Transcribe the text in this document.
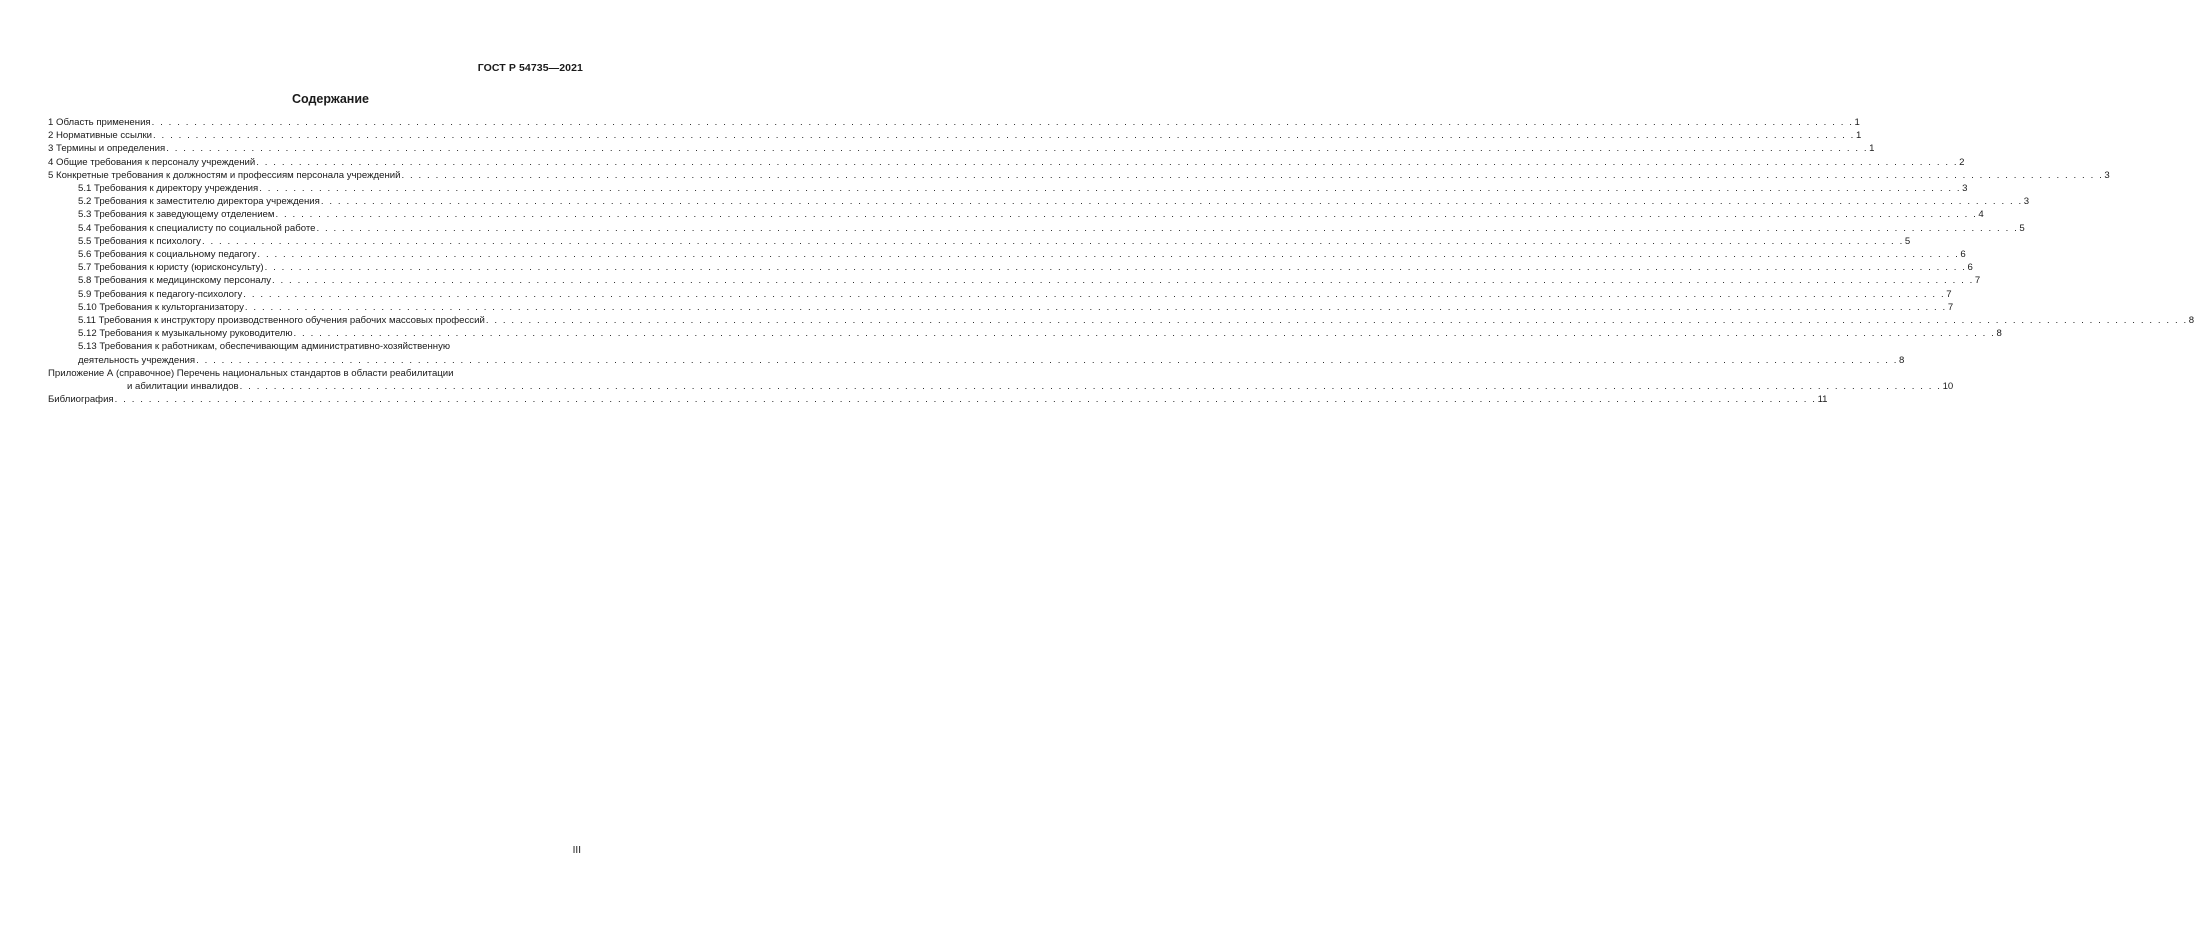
ГОСТ Р 54735—2021
Содержание
1 Область применения . . . . . . . . . . . . . . . . . . . . . . . . . . . . . . . . . . . . . . . . . . . . . . . . . . . . . . . . . . . . . . . . . . . . . . . . . . . . . . . . . . . . . . . . . . . . . . . . . . . . . . . . . . . . . . . . . . . . . . . . . . . . . . . . . . . . . . . . . . . . . . . . . . . . . . . . . . . . . . . . . . . . . . . . . . . . . . . . . . . . . . . . . . . . . . . . . . . . . . . . 1
2 Нормативные ссылки . . . . . . . . . . . . . . . . . . . . . . . . . . . . . . . . . . . . . . . . . . . . . . . . . . . . . . . . . . . . . . . . . . . . . . . . . . . . . . . . . . . . . . . . . . . . . . . . . . . . . . . . . . . . . . . . . . . . . . . . . . . . . . . . . . . . . . . . . . . . . . . . . . . . . . . . . . . . . . . . . . . . . . . . . . . . . . . . . . . . . . . . . . . . . . . . . . . . . . . . 1
3 Термины и определения . . . . . . . . . . . . . . . . . . . . . . . . . . . . . . . . . . . . . . . . . . . . . . . . . . . . . . . . . . . . . . . . . . . . . . . . . . . . . . . . . . . . . . . . . . . . . . . . . . . . . . . . . . . . . . . . . . . . . . . . . . . . . . . . . . . . . . . . . . . . . . . . . . . . . . . . . . . . . . . . . . . . . . . . . . . . . . . . . . . . . . . . . . . . . . . . . . . . . . . . 1
4 Общие требования к персоналу учреждений . . . . . . . . . . . . . . . . . . . . . . . . . . . . . . . . . . . . . . . . . . . . . . . . . . . . . . . . . . . . . . . . . . . . . . . . . . . . . . . . . . . . . . . . . . . . . . . . . . . . . . . . . . . . . . . . . . . . . . . . . . . . . . . . . . . . . . . . . . . . . . . . . . . . . . . . . . . . . . . . . . . . . . . . . . . . . . . . . . . . . . . . . . . . . . . . . . . . . . . . 2
5 Конкретные требования к должностям и профессиям персонала учреждений . . . . . . . . . . . . . . . . . . . . . . . . . . . . . . . . . . . . . . . . . . . . . . . . . . . . . . . . . . . . . . . . . . . . . . . . . . . . . . . . . . . . . . . . . . . . . . . . . . . . . . . . . . . . . . . . . . . . . . . . . . . . . . . . . . . . . . . . . . . . . . . . . . . . . . . . . . . . . . . . . . . . . . . . . . . . . . . . . . . . . . . . . . . . . . . . . . . . . . . . 3
5.1 Требования к директору учреждения . . . . . . . . . . . . . . . . . . . . . . . . . . . . . . . . . . . . . . . . . . . . . . . . . . . . . . . . . . . . . . . . . . . . . . . . . . . . . . . . . . . . . . . . . . . . . . . . . . . . . . . . . . . . . . . . . . . . . . . . . . . . . . . . . . . . . . . . . . . . . . . . . . . . . . . . . . . . . . . . . . . . . . . . . . . . . . . . . . . . . . . . . . . . . . . . . . . . . . . . 3
5.2 Требования к заместителю директора учреждения . . . . . . . . . . . . . . . . . . . . . . . . . . . . . . . . . . . . . . . . . . . . . . . . . . . . . . . . . . . . . . . . . . . . . . . . . . . . . . . . . . . . . . . . . . . . . . . . . . . . . . . . . . . . . . . . . . . . . . . . . . . . . . . . . . . . . . . . . . . . . . . . . . . . . . . . . . . . . . . . . . . . . . . . . . . . . . . . . . . . . . . . . . . . . . . . . . . . . . . . 3
5.3 Требования к заведующему отделением . . . . . . . . . . . . . . . . . . . . . . . . . . . . . . . . . . . . . . . . . . . . . . . . . . . . . . . . . . . . . . . . . . . . . . . . . . . . . . . . . . . . . . . . . . . . . . . . . . . . . . . . . . . . . . . . . . . . . . . . . . . . . . . . . . . . . . . . . . . . . . . . . . . . . . . . . . . . . . . . . . . . . . . . . . . . . . . . . . . . . . . . . . . . . . . . . . . . . . . . 4
5.4 Требования к специалисту по социальной работе . . . . . . . . . . . . . . . . . . . . . . . . . . . . . . . . . . . . . . . . . . . . . . . . . . . . . . . . . . . . . . . . . . . . . . . . . . . . . . . . . . . . . . . . . . . . . . . . . . . . . . . . . . . . . . . . . . . . . . . . . . . . . . . . . . . . . . . . . . . . . . . . . . . . . . . . . . . . . . . . . . . . . . . . . . . . . . . . . . . . . . . . . . . . . . . . . . . . . . . . 5
5.5 Требования к психологу . . . . . . . . . . . . . . . . . . . . . . . . . . . . . . . . . . . . . . . . . . . . . . . . . . . . . . . . . . . . . . . . . . . . . . . . . . . . . . . . . . . . . . . . . . . . . . . . . . . . . . . . . . . . . . . . . . . . . . . . . . . . . . . . . . . . . . . . . . . . . . . . . . . . . . . . . . . . . . . . . . . . . . . . . . . . . . . . . . . . . . . . . . . . . . . . . . . . . . . . 5
5.6 Требования к социальному педагогу . . . . . . . . . . . . . . . . . . . . . . . . . . . . . . . . . . . . . . . . . . . . . . . . . . . . . . . . . . . . . . . . . . . . . . . . . . . . . . . . . . . . . . . . . . . . . . . . . . . . . . . . . . . . . . . . . . . . . . . . . . . . . . . . . . . . . . . . . . . . . . . . . . . . . . . . . . . . . . . . . . . . . . . . . . . . . . . . . . . . . . . . . . . . . . . . . . . . . . . . 6
5.7 Требования к юристу (юрисконсульту) . . . . . . . . . . . . . . . . . . . . . . . . . . . . . . . . . . . . . . . . . . . . . . . . . . . . . . . . . . . . . . . . . . . . . . . . . . . . . . . . . . . . . . . . . . . . . . . . . . . . . . . . . . . . . . . . . . . . . . . . . . . . . . . . . . . . . . . . . . . . . . . . . . . . . . . . . . . . . . . . . . . . . . . . . . . . . . . . . . . . . . . . . . . . . . . . . . . . . . . . 6
5.8 Требования к медицинскому персоналу . . . . . . . . . . . . . . . . . . . . . . . . . . . . . . . . . . . . . . . . . . . . . . . . . . . . . . . . . . . . . . . . . . . . . . . . . . . . . . . . . . . . . . . . . . . . . . . . . . . . . . . . . . . . . . . . . . . . . . . . . . . . . . . . . . . . . . . . . . . . . . . . . . . . . . . . . . . . . . . . . . . . . . . . . . . . . . . . . . . . . . . . . . . . . . . . . . . . . . . . 7
5.9 Требования к педагогу-психологу . . . . . . . . . . . . . . . . . . . . . . . . . . . . . . . . . . . . . . . . . . . . . . . . . . . . . . . . . . . . . . . . . . . . . . . . . . . . . . . . . . . . . . . . . . . . . . . . . . . . . . . . . . . . . . . . . . . . . . . . . . . . . . . . . . . . . . . . . . . . . . . . . . . . . . . . . . . . . . . . . . . . . . . . . . . . . . . . . . . . . . . . . . . . . . . . . . . . . . . . 7
5.10 Требования к культорганизатору . . . . . . . . . . . . . . . . . . . . . . . . . . . . . . . . . . . . . . . . . . . . . . . . . . . . . . . . . . . . . . . . . . . . . . . . . . . . . . . . . . . . . . . . . . . . . . . . . . . . . . . . . . . . . . . . . . . . . . . . . . . . . . . . . . . . . . . . . . . . . . . . . . . . . . . . . . . . . . . . . . . . . . . . . . . . . . . . . . . . . . . . . . . . . . . . . . . . . . . . 7
5.11 Требования к инструктору производственного обучения рабочих массовых профессий . . . . . . . . . . . . . . . . . . . . . . . . . . . . . . . . . . . . . . . . . . . . . . . . . . . . . . . . . . . . . . . . . . . . . . . . . . . . . . . . . . . . . . . . . . . . . . . . . . . . . . . . . . . . . . . . . . . . . . . . . . . . . . . . . . . . . . . . . . . . . . . . . . . . . . . . . . . . . . . . . . . . . . . . . . . . . . . . . . . . . . . . . . . . . . . . . . . . . . . . 8
5.12 Требования к музыкальному руководителю . . . . . . . . . . . . . . . . . . . . . . . . . . . . . . . . . . . . . . . . . . . . . . . . . . . . . . . . . . . . . . . . . . . . . . . . . . . . . . . . . . . . . . . . . . . . . . . . . . . . . . . . . . . . . . . . . . . . . . . . . . . . . . . . . . . . . . . . . . . . . . . . . . . . . . . . . . . . . . . . . . . . . . . . . . . . . . . . . . . . . . . . . . . . . . . . . . . . . . . . 8
5.13 Требования к работникам, обеспечивающим административно-хозяйственную
деятельность учреждения . . . . . . . . . . . . . . . . . . . . . . . . . . . . . . . . . . . . . . . . . . . . . . . . . . . . . . . . . . . . . . . . . . . . . . . . . . . . . . . . . . . . . . . . . . . . . . . . . . . . . . . . . . . . . . . . . . . . . . . . . . . . . . . . . . . . . . . . . . . . . . . . . . . . . . . . . . . . . . . . . . . . . . . . . . . . . . . . . . . . . . . . . . . . . . . . . . . . . . . . 8
Приложение А (справочное) Перечень национальных стандартов в области реабилитации
и абилитации инвалидов . . . . . . . . . . . . . . . . . . . . . . . . . . . . . . . . . . . . . . . . . . . . . . . . . . . . . . . . . . . . . . . . . . . . . . . . . . . . . . . . . . . . . . . . . . . . . . . . . . . . . . . . . . . . . . . . . . . . . . . . . . . . . . . . . . . . . . . . . . . . . . . . . . . . . . . . . . . . . . . . . . . . . . . . . . . . . . . . . . . . . . . . . . . . . . . . . . . . . . . . 10
Библиография . . . . . . . . . . . . . . . . . . . . . . . . . . . . . . . . . . . . . . . . . . . . . . . . . . . . . . . . . . . . . . . . . . . . . . . . . . . . . . . . . . . . . . . . . . . . . . . . . . . . . . . . . . . . . . . . . . . . . . . . . . . . . . . . . . . . . . . . . . . . . . . . . . . . . . . . . . . . . . . . . . . . . . . . . . . . . . . . . . . . . . . . . . . . . . . . . . . . . . . . 11
III
